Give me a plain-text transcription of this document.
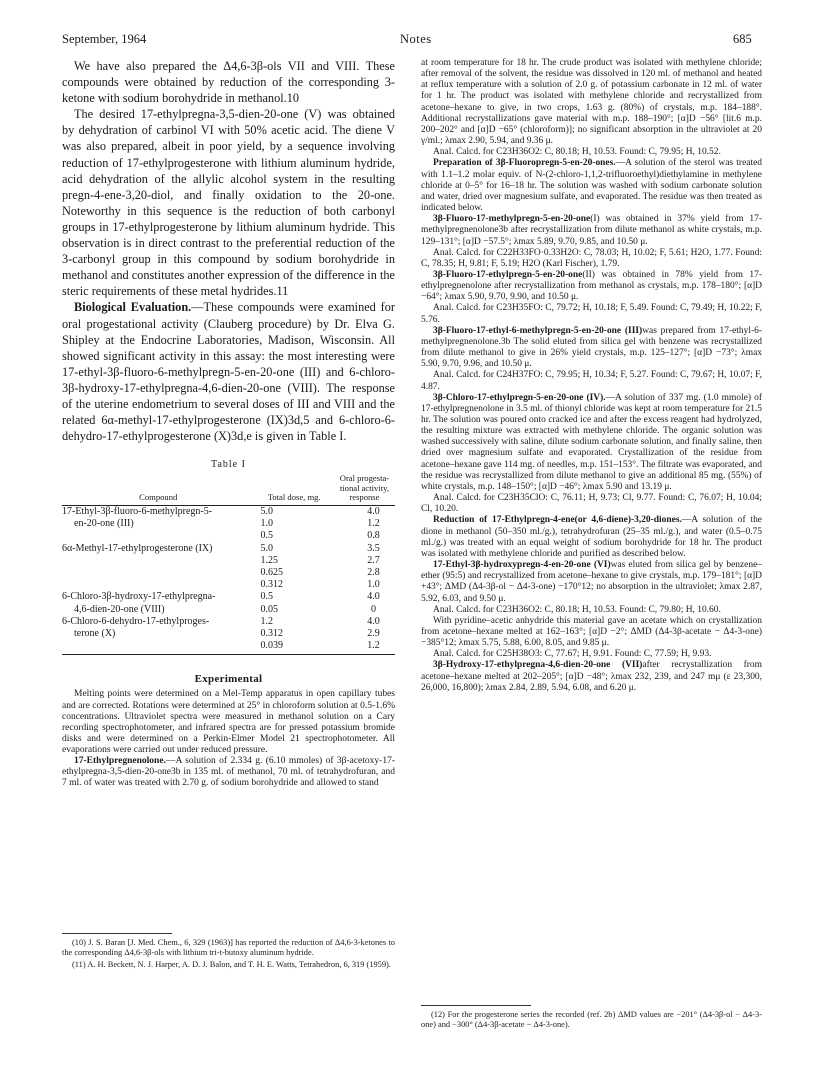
September, 1964	Notes	685

We have also prepared the Δ4,6-3β-ols VII and VIII. These compounds were obtained by reduction of the corresponding 3-ketone with sodium borohydride in methanol.10

The desired 17-ethylpregna-3,5-dien-20-one (V) was obtained by dehydration of carbinol VI with 50% acetic acid. The diene V was also prepared, albeit in poor yield, by a sequence involving reduction of 17-ethylprogesterone with lithium aluminum hydride, acid dehydration of the allylic alcohol system in the resulting pregn-4-ene-3,20-diol, and finally oxidation to the 20-one. Noteworthy in this sequence is the reduction of both carbonyl groups in 17-ethylprogesterone by lithium aluminum hydride. This observation is in direct contrast to the preferential reduction of the 3-carbonyl group in this compound by sodium borohydride in methanol and constitutes another expression of the difference in the steric requirements of these metal hydrides.11

Biological Evaluation.—These compounds were examined for oral progestational activity (Clauberg procedure) by Dr. Elva G. Shipley at the Endocrine Laboratories, Madison, Wisconsin. All showed significant activity in this assay: the most interesting were 17-ethyl-3β-fluoro-6-methylpregn-5-en-20-one (III) and 6-chloro-3β-hydroxy-17-ethylpregna-4,6-dien-20-one (VIII). The response of the uterine endometrium to several doses of III and VIII and the related 6α-methyl-17-ethylprogesterone (IX)3d,5 and 6-chloro-6-dehydro-17-ethylprogesterone (X)3d,e is given in Table I.

Table I
Compound	Total dose, mg.	Oral progesta-tional activity, response
17-Ethyl-3β-fluoro-6-methylpregn-5-	5.0	4.0
en-20-one (III)	1.0	1.2
	0.5	0.8
6α-Methyl-17-ethylprogesterone (IX)	5.0	3.5
	1.25	2.7
	0.625	2.8
	0.312	1.0
6-Chloro-3β-hydroxy-17-ethylpregna-	0.5	4.0
4,6-dien-20-one (VIII)	0.05	0
6-Chloro-6-dehydro-17-ethylproges-	1.2	4.0
terone (X)	0.312	2.9
	0.039	1.2
Experimental

Melting points were determined on a Mel-Temp apparatus in open capillary tubes and are corrected. Rotations were determined at 25° in chloroform solution at 0.5-1.6% concentrations. Ultraviolet spectra were measured in methanol solution on a Cary recording spectrophotometer, and infrared spectra are for pressed potassium bromide disks and were determined on a Perkin-Elmer Model 21 spectrophotometer. All evaporations were carried out under reduced pressure.

17-Ethylpregnenolone.—A solution of 2.334 g. (6.10 mmoles) of 3β-acetoxy-17-ethylpregna-3,5-dien-20-one3b in 135 ml. of methanol, 70 ml. of tetrahydrofuran, and 7 ml. of water was treated with 2.70 g. of sodium borohydride and allowed to stand

(10) J. S. Baran [J. Med. Chem., 6, 329 (1963)] has reported the reduction of Δ4,6-3-ketones to the corresponding Δ4,6-3β-ols with lithium tri-t-butoxy aluminum hydride.

(11) A. H. Beckett, N. J. Harper, A. D. J. Balon, and T. H. E. Watts, Tetrahedron, 6, 319 (1959).

at room temperature for 18 hr. The crude product was isolated with methylene chloride; after removal of the solvent, the residue was dissolved in 120 ml. of methanol and heated at reflux temperature with a solution of 2.0 g. of potassium carbonate in 12 ml. of water for 1 hr. The product was isolated with methylene chloride and recrystallized from acetone–hexane to give, in two crops, 1.63 g. (80%) of crystals, m.p. 184–188°. Additional recrystallizations gave material with m.p. 188–190°; [α]D −56° [lit.6 m.p. 200–202° and [α]D −65° (chloroform)]; no significant absorption in the ultraviolet at 20 γ/ml.; λmax 2.90, 5.94, and 9.36 μ.

Anal. Calcd. for C23H36O2: C, 80.18; H, 10.53. Found: C, 79.95; H, 10.52.

Preparation of 3β-Fluoropregn-5-en-20-ones.—A solution of the sterol was treated with 1.1–1.2 molar equiv. of N-(2-chloro-1,1,2-trifluoroethyl)diethylamine in methylene chloride at 0–5° for 16–18 hr. The solution was washed with sodium carbonate solution and water, dried over magnesium sulfate, and evaporated. The residue was then treated as indicated below.

3β-Fluoro-17-methylpregn-5-en-20-one(I) was obtained in 37% yield from 17-methylpregnenolone3b after recrystallization from dilute methanol as white crystals, m.p. 129–131°; [α]D −57.5°; λmax 5.89, 9.70, 9.85, and 10.50 μ.

Anal. Calcd. for C22H33FO·0.33H2O: C, 78.03; H, 10.02; F, 5.61; H2O, 1.77. Found: C, 78.35; H, 9.81; F, 5.19; H2O (Karl Fischer), 1.79.

3β-Fluoro-17-ethylpregn-5-en-20-one(II) was obtained in 78% yield from 17-ethylpregnenolone after recrystallization from methanol as crystals, m.p. 178–180°; [α]D −64°; λmax 5.90, 9.70, 9.90, and 10.50 μ.

Anal. Calcd. for C23H35FO: C, 79.72; H, 10.18; F, 5.49. Found: C, 79.49; H, 10.22; F, 5.76.

3β-Fluoro-17-ethyl-6-methylpregn-5-en-20-one (III)was prepared from 17-ethyl-6-methylpregnenolone.3b The solid eluted from silica gel with benzene was recrystallized from dilute methanol to give in 26% yield crystals, m.p. 125–127°; [α]D −73°; λmax 5.90, 9.70, 9.96, and 10.50 μ.

Anal. Calcd. for C24H37FO: C, 79.95; H, 10.34; F, 5.27. Found: C, 79.67; H, 10.07; F, 4.87.

3β-Chloro-17-ethylpregn-5-en-20-one (IV).—A solution of 337 mg. (1.0 mmole) of 17-ethylpregnenolone in 3.5 ml. of thionyl chloride was kept at room temperature for 21.5 hr. The solution was poured onto cracked ice and after the excess reagent had hydrolyzed, the resulting mixture was extracted with methylene chloride. The organic solution was washed successively with saline, dilute sodium carbonate solution, and finally saline, then dried over magnesium sulfate and evaporated. Crystallization of the residue from acetone–hexane gave 114 mg. of needles, m.p. 151–153°. The filtrate was evaporated, and the residue was recrystallized from dilute methanol to give an additional 85 mg. (55%) of white crystals, m.p. 148–150°; [α]D −46°; λmax 5.90 and 13.19 μ.

Anal. Calcd. for C23H35ClO: C, 76.11; H, 9.73; Cl, 9.77. Found: C, 76.07; H, 10.04; Cl, 10.20.

Reduction of 17-Ethylpregn-4-ene(or 4,6-diene)-3,20-diones.—A solution of the dione in methanol (50–350 ml./g.), tetrahydrofuran (25–35 ml./g.), and water (0.5–0.75 ml./g.) was treated with an equal weight of sodium borohydride for 18 hr. The product was isolated with methylene chloride and purified as described below.

17-Ethyl-3β-hydroxypregn-4-en-20-one (VI)was eluted from silica gel by benzene–ether (95:5) and recrystallized from acetone–hexane to give crystals, m.p. 179–181°; [α]D +43°; ΔMD (Δ4-3β-ol − Δ4-3-one) −170°12; no absorption in the ultraviolet; λmax 2.87, 5.92, 6.03, and 9.50 μ.

Anal. Calcd. for C23H36O2: C, 80.18; H, 10.53. Found: C, 79.80; H, 10.60.

With pyridine–acetic anhydride this material gave an acetate which on crystallization from acetone–hexane melted at 162–163°; [α]D −2°; ΔMD (Δ4-3β-acetate − Δ4-3-one) −385°12; λmax 5.75, 5.88, 6.00, 8.05, and 9.85 μ.

Anal. Calcd. for C25H38O3: C, 77.67; H, 9.91. Found: C, 77.59; H, 9.93.

3β-Hydroxy-17-ethylpregna-4,6-dien-20-one (VII)after recrystallization from acetone–hexane melted at 202–205°; [α]D −48°; λmax 232, 239, and 247 mμ (ε 23,300, 26,000, 16,800); λmax 2.84, 2.89, 5.94, 6.08, and 6.20 μ.

(12) For the progesterone series the recorded (ref. 2b) ΔMD values are −201° (Δ4-3β-ol − Δ4-3-one) and −300° (Δ4-3β-acetate − Δ4-3-one).
